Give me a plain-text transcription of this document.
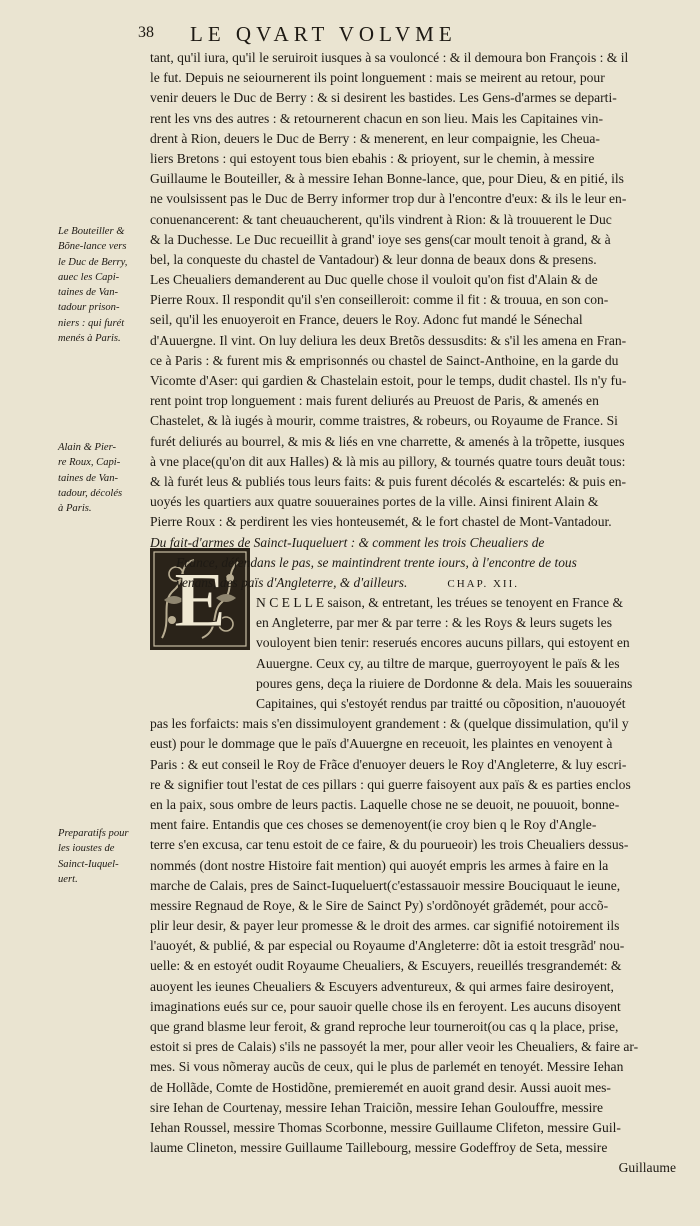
38 LE QVART VOLVME
Le Bouteiller &
Bõne-lance vers
le Duc de Berry,
auec les Capi-
taines de Van-
tadour prison-
niers : qui furét
menés à Paris.
Alain & Pier-
re Roux, Capi-
taines de Van-
tadour, décolés
à Paris.
Preparatifs pour
les ioustes de
Sainct-Iuquel-
uert.
E
tant, qu'il iura, qu'il le seruiroit iusques à sa vouloncé : & il demoura bon François : & il
le fut. Depuis ne seiournerent ils point longuement : mais se meirent au retour, pour
venir deuers le Duc de Berry : & si desirent les bastides. Les Gens-d'armes se departi-
rent les vns des autres : & retournerent chacun en son lieu. Mais les Capitaines vin-
drent à Rion, deuers le Duc de Berry : & menerent, en leur compaignie, les Cheua-
liers Bretons : qui estoyent tous bien ebahis : & prioyent, sur le chemin, à messire
Guillaume le Bouteiller, & à messire Iehan Bonne-lance, que, pour Dieu, & en pitié, ils
ne voulsissent pas le Duc de Berry informer trop dur à l'encontre d'eux: & ils le leur en-
conuenancerent: & tant cheuaucherent, qu'ils vindrent à Rion: & là trouuerent le Duc
& la Duchesse. Le Duc recueillit à grand' ioye ses gens(car moult tenoit à grand, & à
bel, la conqueste du chastel de Vantadour) & leur donna de beaux dons & presens.
Les Cheualiers demanderent au Duc quelle chose il vouloit qu'on fist d'Alain & de
Pierre Roux. Il respondit qu'il s'en conseilleroit: comme il fit : & trouua, en son con-
seil, qu'il les enuoyeroit en France, deuers le Roy. Adonc fut mandé le Sénechal
d'Auuergne. Il vint. On luy deliura les deux Bretõs dessusdits: & s'il les amena en Fran-
ce à Paris : & furent mis & emprisonnés ou chastel de Sainct-Anthoine, en la garde du
Vicomte d'Aser: qui gardien & Chastelain estoit, pour le temps, dudit chastel. Ils n'y fu-
rent point trop longuement : mais furent deliurés au Preuost de Paris, & amenés en
Chastelet, & là iugés à mourir, comme traistres, & robeurs, ou Royaume de France. Si
furét deliurés au bourrel, & mis & liés en vne charrette, & amenés à la trõpette, iusques
à vne place(qu'on dit aux Halles) & là mis au pillory, & tournés quatre tours deuãt tous:
& là furét leus & publiés tous leurs faits: & puis furent décolés & escartelés: & puis en-
uoyés les quartiers aux quatre souueraines portes de la ville. Ainsi finirent Alain &
Pierre Roux : & perdirent les vies honteusemét, & le fort chastel de Mont-Vantadour.
Du fait-d'armes de Sainct-Iuqueluert : & comment les trois Cheualiers de
France, défendans le pas, se maintindrent trente iours, à l'encontre de tous
venans, des païs d'Angleterre, & d'ailleurs.	CHAP. XII.
N C E L L E saison, & entretant, les tréues se tenoyent en France &
en Angleterre, par mer & par terre : & les Roys & leurs sugets les
vouloyent bien tenir: reserués encores aucuns pillars, qui estoyent en
Auuergne. Ceux cy, au tiltre de marque, guerroyoyent le païs & les
poures gens, deça la riuiere de Dordonne & dela. Mais les souuerains
Capitaines, qui s'estoyét rendus par traitté ou cõposition, n'auouoyét
pas les forfaicts: mais s'en dissimuloyent grandement : & (quelque dissimulation, qu'il y
eust) pour le dommage que le païs d'Auuergne en receuoit, les plaintes en venoyent à
Paris : & eut conseil le Roy de Frãce d'enuoyer deuers le Roy d'Angleterre, & luy escri-
re & signifier tout l'estat de ces pillars : qui guerre faisoyent aux païs & es parties enclos
en la paix, sous ombre de leurs pactis. Laquelle chose ne se deuoit, ne pouuoit, bonne-
ment faire. Entandis que ces choses se demenoyent(ie croy bien q le Roy d'Angle-
terre s'en excusa, car tenu estoit de ce faire, & du pourueoir) les trois Cheualiers dessus-
nommés (dont nostre Histoire fait mention) qui auoyét empris les armes à faire en la
marche de Calais, pres de Sainct-Iuqueluert(c'estassauoir messire Bouciquaut le ieune,
messire Regnaud de Roye, & le Sire de Sainct Py) s'ordõnoyét grãdemét, pour accõ-
plir leur desir, & payer leur promesse & le droit des armes. car signifié notoirement ils
l'auoyét, & publié, & par especial ou Royaume d'Angleterre: dõt ia estoit tresgrãd' nou-
uelle: & en estoyét oudit Royaume Cheualiers, & Escuyers, reueillés tresgrandemét: &
auoyent les ieunes Cheualiers & Escuyers adventureux, & qui armes faire desiroyent,
imaginations eués sur ce, pour sauoir quelle chose ils en feroyent. Les aucuns disoyent
que grand blasme leur feroit, & grand reproche leur tourneroit(ou cas q la place, prise,
estoit si pres de Calais) s'ils ne passoyét la mer, pour aller veoir les Cheualiers, & faire ar-
mes. Si vous nõmeray aucũs de ceux, qui le plus de parlemét en tenoyét. Messire Iehan
de Hollãde, Comte de Hostidõne, premieremét en auoit grand desir. Aussi auoit mes-
sire Iehan de Courtenay, messire Iehan Traiciõn, messire Iehan Goulouffre, messire
Iehan Roussel, messire Thomas Scorbonne, messire Guillaume Clifeton, messire Guil-
laume Clineton, messire Guillaume Taillebourg, messire Godeffroy de Seta, messire
Guillaume
